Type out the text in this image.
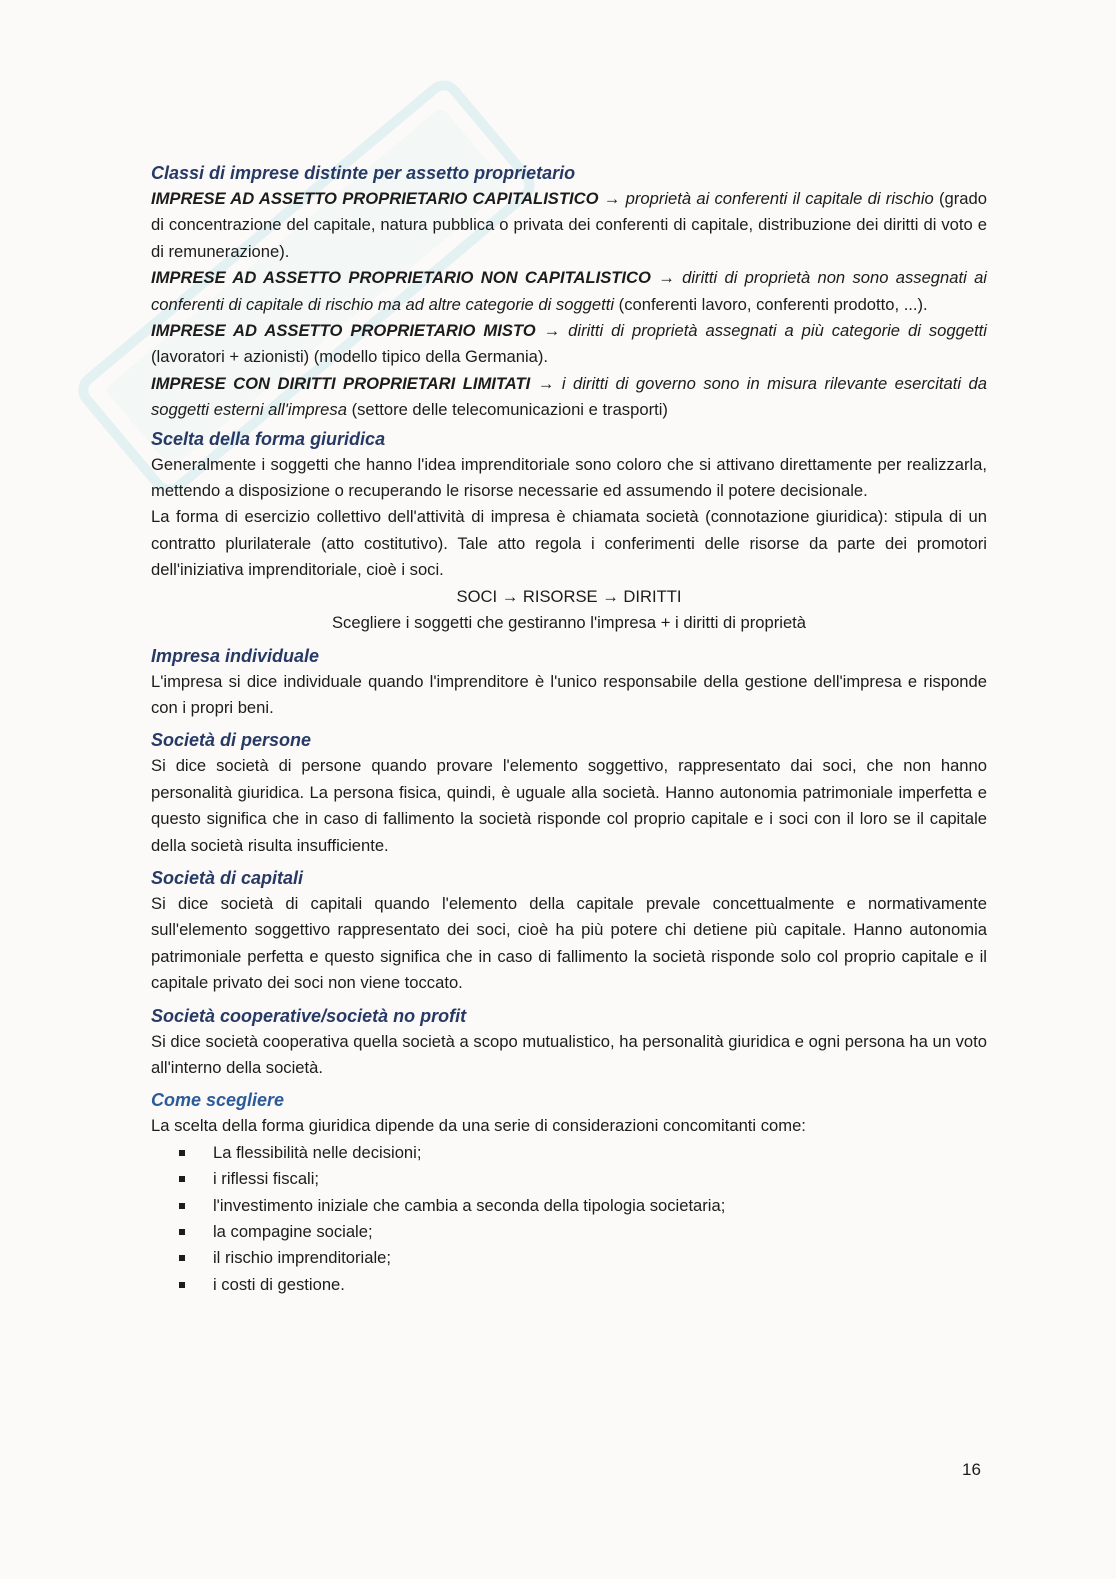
Classi di imprese distinte per assetto proprietario

IMPRESE AD ASSETTO PROPRIETARIO CAPITALISTICO → proprietà ai conferenti il capitale di rischio (grado di concentrazione del capitale, natura pubblica o privata dei conferenti di capitale, distribuzione dei diritti di voto e di remunerazione).

IMPRESE AD ASSETTO PROPRIETARIO NON CAPITALISTICO → diritti di proprietà non sono assegnati ai conferenti di capitale di rischio ma ad altre categorie di soggetti (conferenti lavoro, conferenti prodotto, ...).

IMPRESE AD ASSETTO PROPRIETARIO MISTO → diritti di proprietà assegnati a più categorie di soggetti (lavoratori + azionisti) (modello tipico della Germania).

IMPRESE CON DIRITTI PROPRIETARI LIMITATI → i diritti di governo sono in misura rilevante esercitati da soggetti esterni all'impresa (settore delle telecomunicazioni e trasporti)

Scelta della forma giuridica

Generalmente i soggetti che hanno l'idea imprenditoriale sono coloro che si attivano direttamente per realizzarla, mettendo a disposizione o recuperando le risorse necessarie ed assumendo il potere decisionale.

La forma di esercizio collettivo dell'attività di impresa è chiamata società (connotazione giuridica): stipula di un contratto plurilaterale (atto costitutivo). Tale atto regola i conferimenti delle risorse da parte dei promotori dell'iniziativa imprenditoriale, cioè i soci.

SOCI → RISORSE → DIRITTI

Scegliere i soggetti che gestiranno l'impresa + i diritti di proprietà

Impresa individuale

L'impresa si dice individuale quando l'imprenditore è l'unico responsabile della gestione dell'impresa e risponde con i propri beni.

Società di persone

Si dice società di persone quando provare l'elemento soggettivo, rappresentato dai soci, che non hanno personalità giuridica. La persona fisica, quindi, è uguale alla società. Hanno autonomia patrimoniale imperfetta e questo significa che in caso di fallimento la società risponde col proprio capitale e i soci con il loro se il capitale della società risulta insufficiente.

Società di capitali

Si dice società di capitali quando l'elemento della capitale prevale concettualmente e normativamente sull'elemento soggettivo rappresentato dei soci, cioè ha più potere chi detiene più capitale. Hanno autonomia patrimoniale perfetta e questo significa che in caso di fallimento la società risponde solo col proprio capitale e il capitale privato dei soci non viene toccato.

Società cooperative/società no profit

Si dice società cooperativa quella società a scopo mutualistico, ha personalità giuridica e ogni persona ha un voto all'interno della società.

Come scegliere

La scelta della forma giuridica dipende da una serie di considerazioni concomitanti come:

La flessibilità nelle decisioni;
i riflessi fiscali;
l'investimento iniziale che cambia a seconda della tipologia societaria;
la compagine sociale;
il rischio imprenditoriale;
i costi di gestione.
16
